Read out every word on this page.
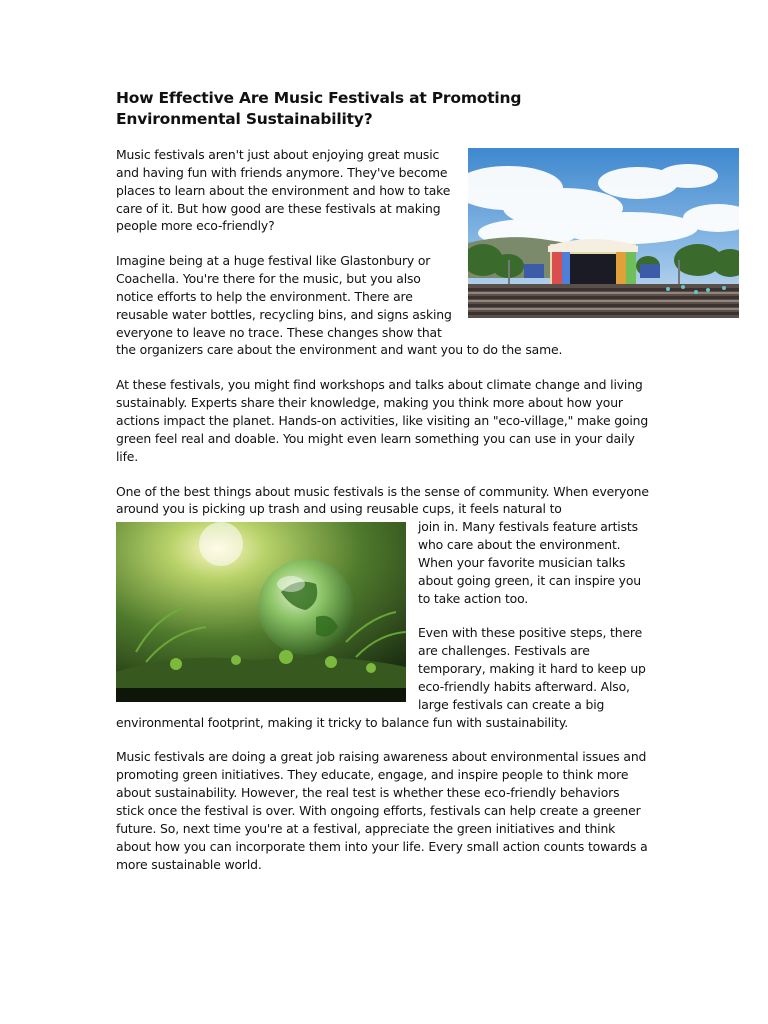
How Effective Are Music Festivals at Promoting Environmental Sustainability?

Music festivals aren't just about enjoying great music and having fun with friends anymore. They've become places to learn about the environment and how to take care of it. But how good are these festivals at making people more eco-friendly?

Imagine being at a huge festival like Glastonbury or Coachella. You're there for the music, but you also notice efforts to help the environment. There are reusable water bottles, recycling bins, and signs asking everyone to leave no trace. These changes show that the organizers care about the environment and want you to do the same.

At these festivals, you might find workshops and talks about climate change and living sustainably. Experts share their knowledge, making you think more about how your actions impact the planet. Hands-on activities, like visiting an "eco-village," make going green feel real and doable. You might even learn something you can use in your daily life.

One of the best things about music festivals is the sense of community. When everyone around you is picking up trash and using reusable cups, it feels natural to
join in. Many festivals feature artists who care about the environment. When your favorite musician talks about going green, it can inspire you to take action too.

Even with these positive steps, there are challenges. Festivals are temporary, making it hard to keep up eco-friendly habits afterward. Also, large festivals can create a big environmental footprint, making it tricky to balance fun with sustainability.

Music festivals are doing a great job raising awareness about environmental issues and promoting green initiatives. They educate, engage, and inspire people to think more about sustainability. However, the real test is whether these eco-friendly behaviors stick once the festival is over. With ongoing efforts, festivals can help create a greener future. So, next time you're at a festival, appreciate the green initiatives and think about how you can incorporate them into your life. Every small action counts towards a more sustainable world.
